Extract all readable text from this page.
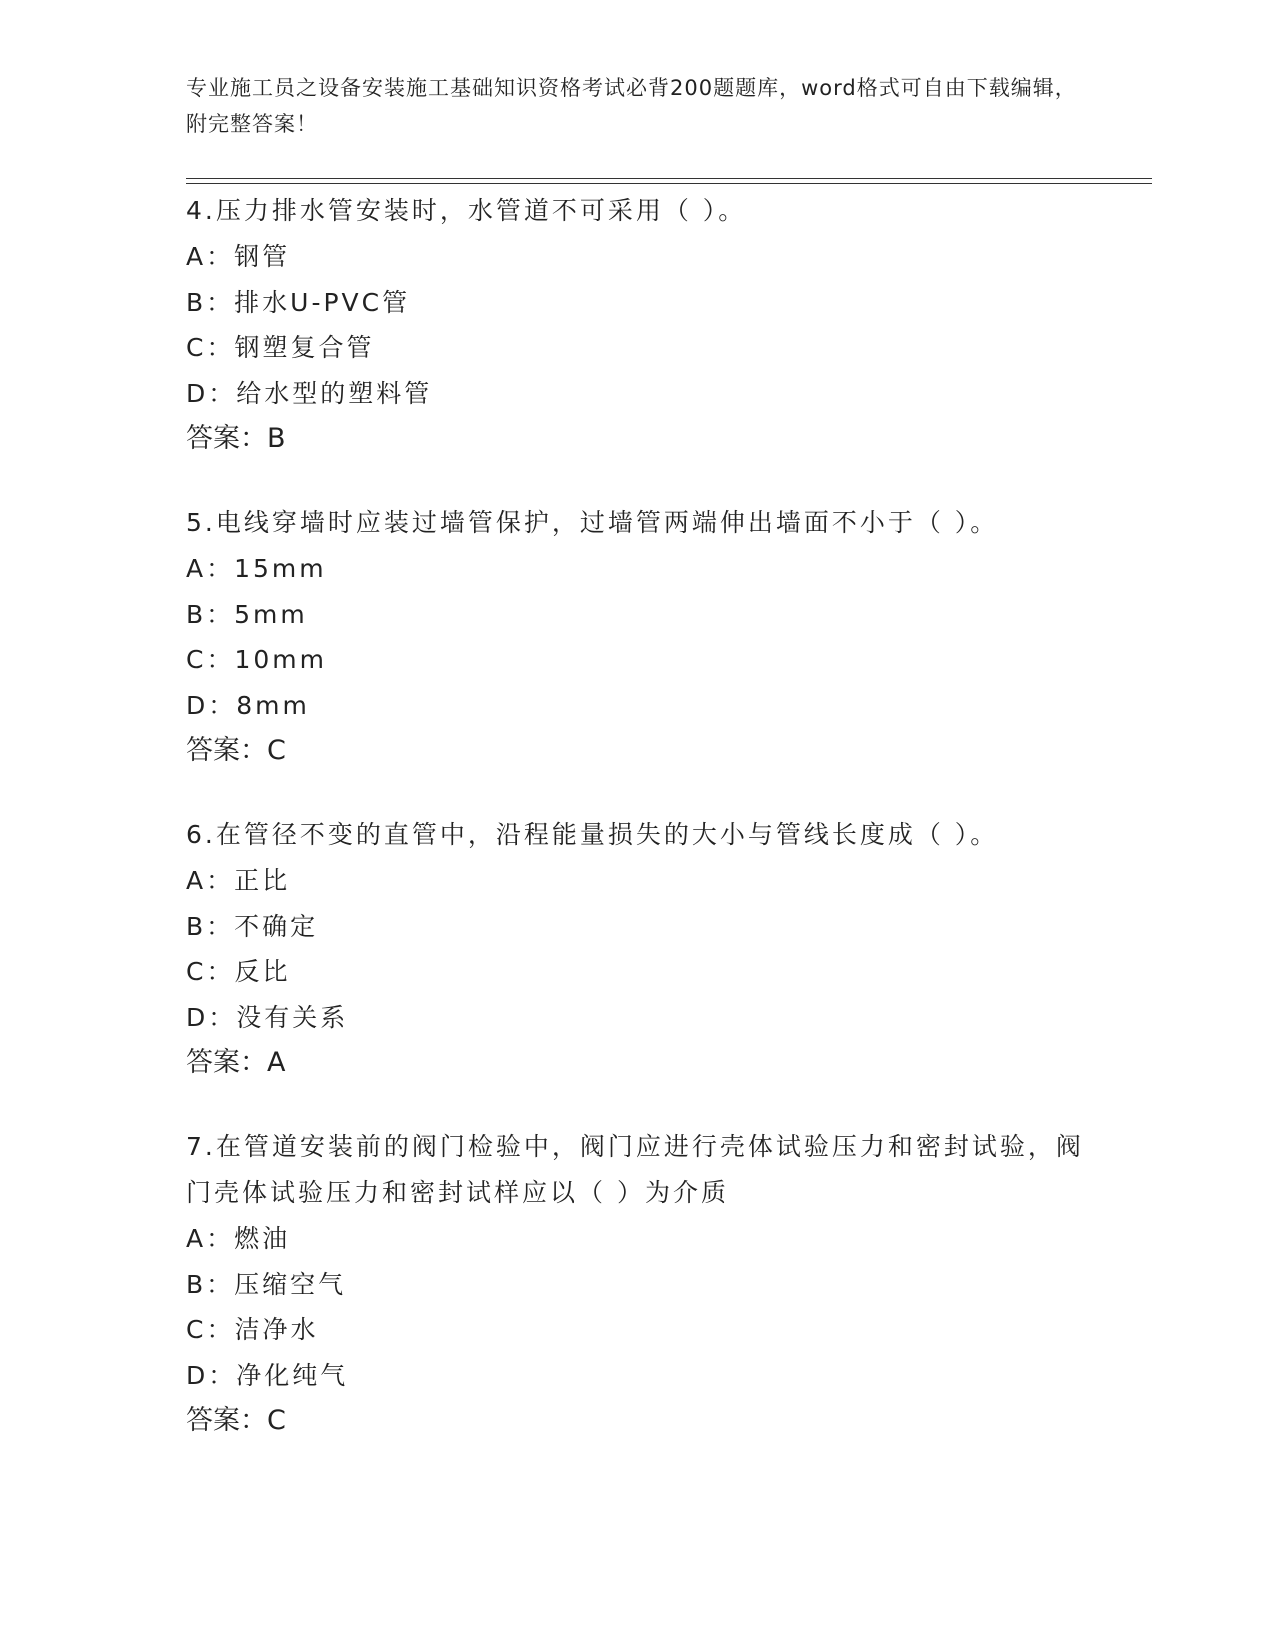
专业施工员之设备安装施工基础知识资格考试必背200题题库，word格式可自由下载编辑，附完整答案！
4.压力排水管安装时，水管道不可采用（ ）。
A：钢管
B：排水U-PVC管
C：钢塑复合管
D：给水型的塑料管
答案：B
5.电线穿墙时应装过墙管保护，过墙管两端伸出墙面不小于（ ）。
A：15mm
B：5mm
C：10mm
D：8mm
答案：C
6.在管径不变的直管中，沿程能量损失的大小与管线长度成（ ）。
A：正比
B：不确定
C：反比
D：没有关系
答案：A
7.在管道安装前的阀门检验中，阀门应进行壳体试验压力和密封试验，阀门壳体试验压力和密封试样应以（ ）为介质
A：燃油
B：压缩空气
C：洁净水
D：净化纯气
答案：C
